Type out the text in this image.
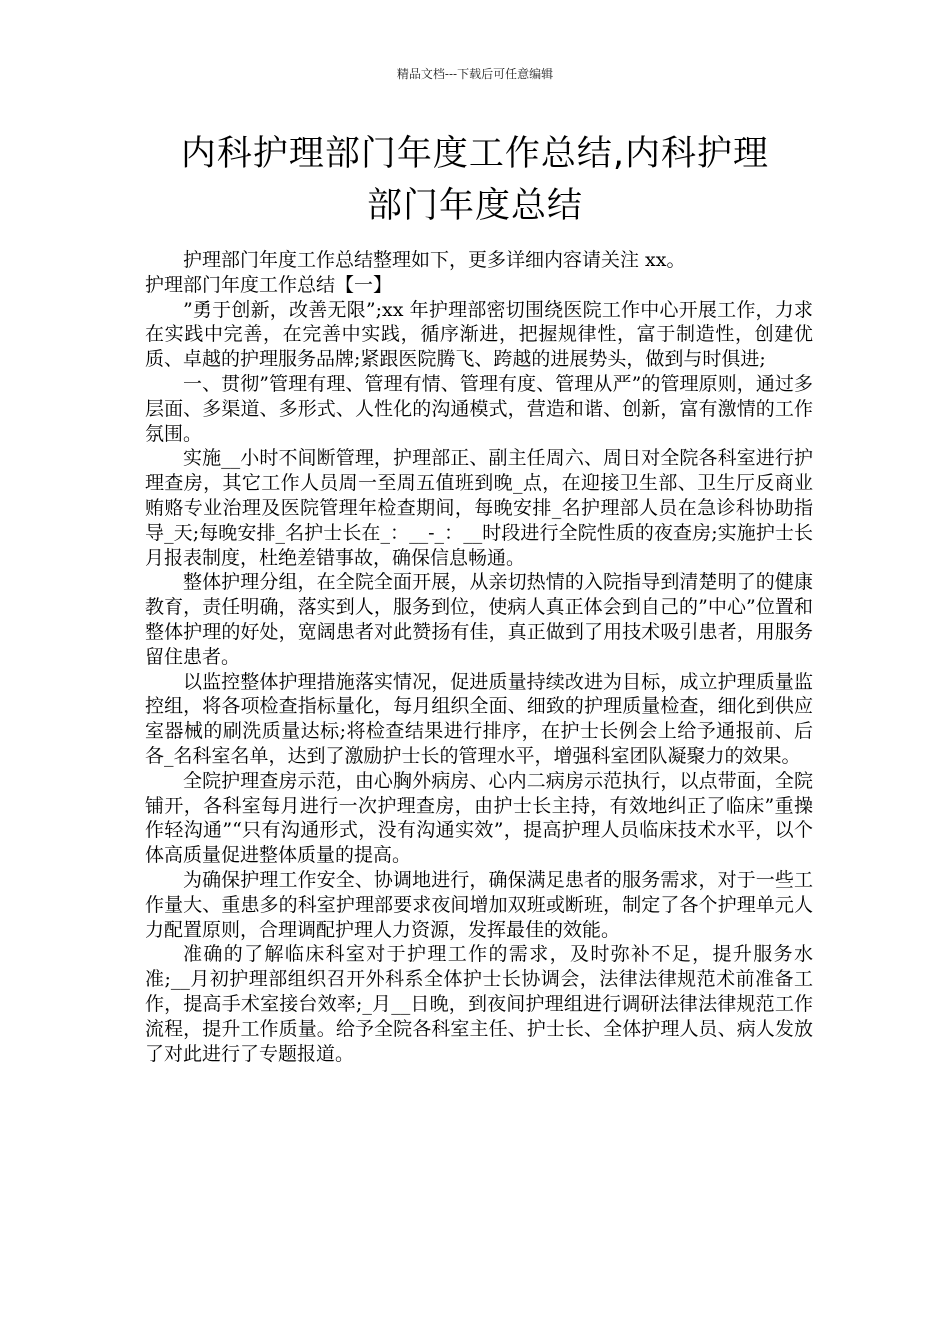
精品文档---下载后可任意编辑
内科护理部门年度工作总结,内科护理
部门年度总结

护理部门年度工作总结整理如下，更多详细内容请关注 xx。

护理部门年度工作总结【一】

”勇于创新，改善无限”;xx 年护理部密切围绕医院工作中心开展工作，力求在实践中完善，在完善中实践，循序渐进，把握规律性，富于制造性，创建优质、卓越的护理服务品牌;紧跟医院腾飞、跨越的进展势头，做到与时俱进;

一、贯彻”管理有理、管理有情、管理有度、管理从严”的管理原则，通过多层面、多渠道、多形式、人性化的沟通模式，营造和谐、创新，富有激情的工作氛围。

实施__小时不间断管理，护理部正、副主任周六、周日对全院各科室进行护理查房，其它工作人员周一至周五值班到晚_点，在迎接卫生部、卫生厅反商业贿赂专业治理及医院管理年检查期间，每晚安排_名护理部人员在急诊科协助指导_天;每晚安排_名护士长在_：__-_：__时段进行全院性质的夜查房;实施护士长月报表制度，杜绝差错事故，确保信息畅通。

整体护理分组，在全院全面开展，从亲切热情的入院指导到清楚明了的健康教育，责任明确，落实到人，服务到位，使病人真正体会到自己的”中心”位置和整体护理的好处，宽阔患者对此赞扬有佳，真正做到了用技术吸引患者，用服务留住患者。

以监控整体护理措施落实情况，促进质量持续改进为目标，成立护理质量监控组，将各项检查指标量化，每月组织全面、细致的护理质量检查，细化到供应室器械的刷洗质量达标;将检查结果进行排序，在护士长例会上给予通报前、后各_名科室名单，达到了激励护士长的管理水平，增强科室团队凝聚力的效果。

全院护理查房示范，由心胸外病房、心内二病房示范执行，以点带面，全院铺开，各科室每月进行一次护理查房，由护士长主持，有效地纠正了临床”重操作轻沟通”“只有沟通形式，没有沟通实效”，提高护理人员临床技术水平，以个体高质量促进整体质量的提高。

为确保护理工作安全、协调地进行，确保满足患者的服务需求，对于一些工作量大、重患多的科室护理部要求夜间增加双班或断班，制定了各个护理单元人力配置原则，合理调配护理人力资源，发挥最佳的效能。

准确的了解临床科室对于护理工作的需求，及时弥补不足，提升服务水准;__月初护理部组织召开外科系全体护士长协调会，法律法律规范术前准备工作，提高手术室接台效率;_月__日晚，到夜间护理组进行调研法律法律规范工作流程，提升工作质量。给予全院各科室主任、护士长、全体护理人员、病人发放了对此进行了专题报道。
